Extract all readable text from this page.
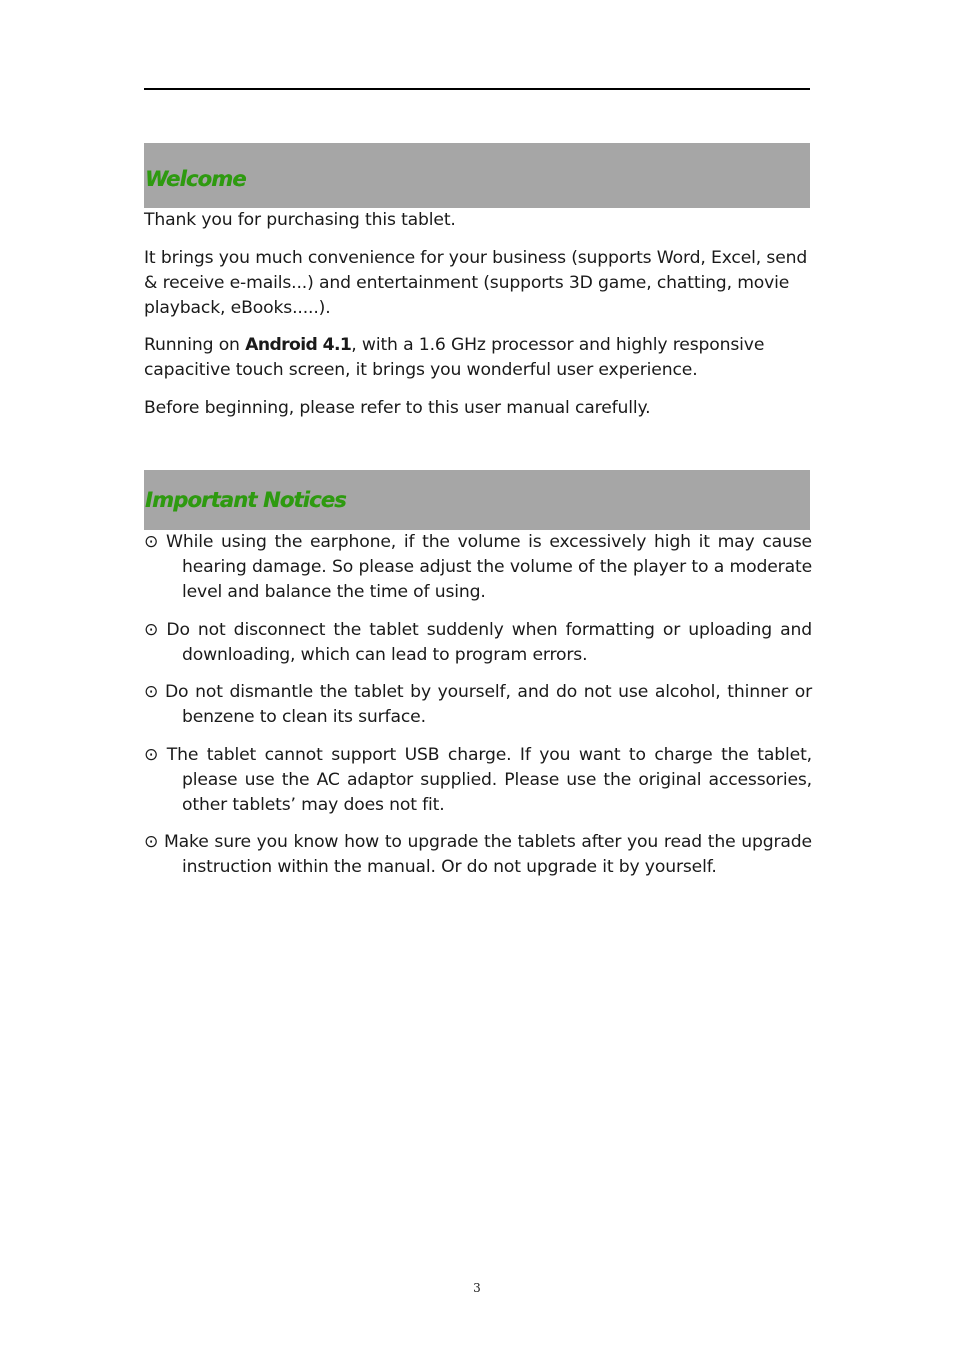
Welcome

Thank you for purchasing this tablet.

It brings you much convenience for your business (supports Word, Excel, send & receive e-mails...) and entertainment (supports 3D game, chatting, movie playback, eBooks.....).

Running on Android 4.1, with a 1.6 GHz processor and highly responsive capacitive touch screen, it brings you wonderful user experience.

Before beginning, please refer to this user manual carefully.

Important Notices

⊙ While using the earphone, if the volume is excessively high it may cause hearing damage. So please adjust the volume of the player to a moderate level and balance the time of using.

⊙ Do not disconnect the tablet suddenly when formatting or uploading and downloading, which can lead to program errors.

⊙ Do not dismantle the tablet by yourself, and do not use alcohol, thinner or benzene to clean its surface.

⊙ The tablet cannot support USB charge. If you want to charge the tablet, please use the AC adaptor supplied. Please use the original accessories, other tablets’ may does not fit.

⊙ Make sure you know how to upgrade the tablets after you read the upgrade instruction within the manual. Or do not upgrade it by yourself.

3
